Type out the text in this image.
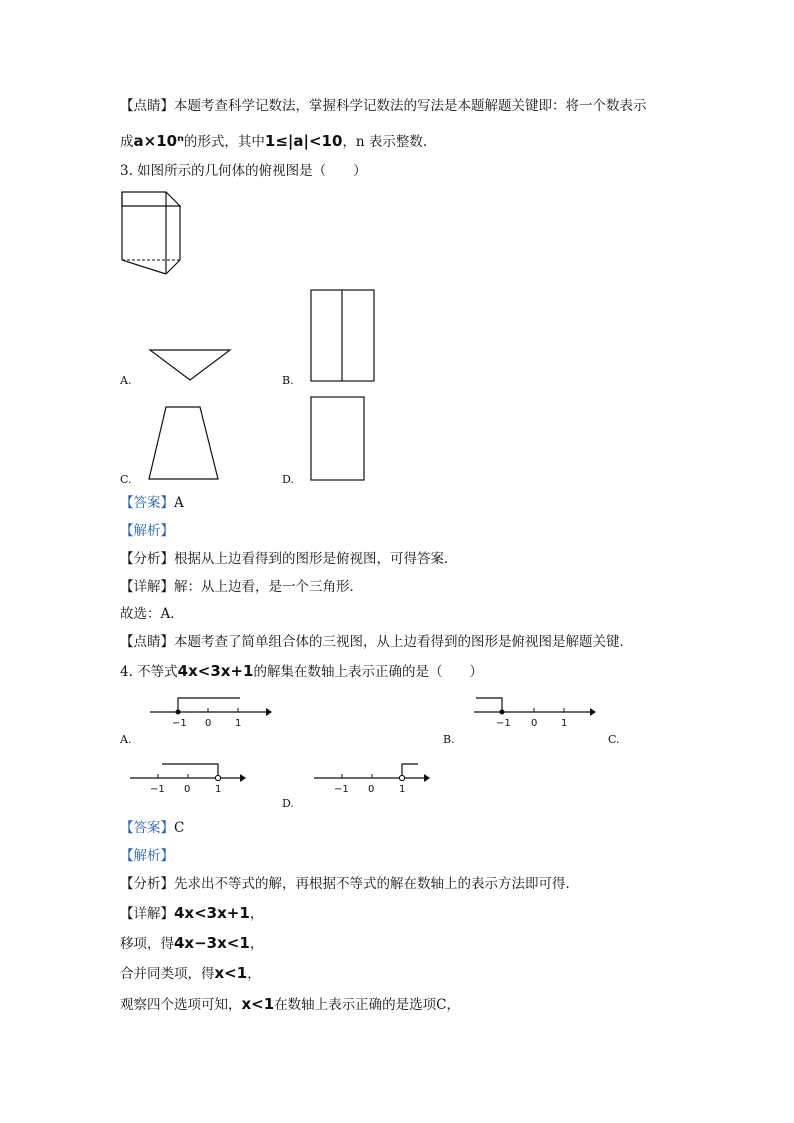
【点睛】本题考查科学记数法，掌握科学记数法的写法是本题解题关键即：将一个数表示
成a×10ⁿ的形式，其中1≤|a|<10，n 表示整数.
3. 如图所示的几何体的俯视图是（　　）
A.	B.
C.	D.
【答案】A
【解析】
【分析】根据从上边看得到的图形是俯视图，可得答案．
【详解】解：从上边看，是一个三角形．
故选：A．
【点睛】本题考查了简单组合体的三视图，从上边看得到的图形是俯视图是解题关键．
4. 不等式4x<3x+1的解集在数轴上表示正确的是（　　）
−1 0 1
A.
−1 0 1
B.	C.
−1 0 1	−1 0 1
D.
【答案】C
【解析】
【分析】先求出不等式的解，再根据不等式的解在数轴上的表示方法即可得．
【详解】4x<3x+1，
移项，得4x−3x<1，
合并同类项，得x<1，
观察四个选项可知，x<1在数轴上表示正确的是选项C，
